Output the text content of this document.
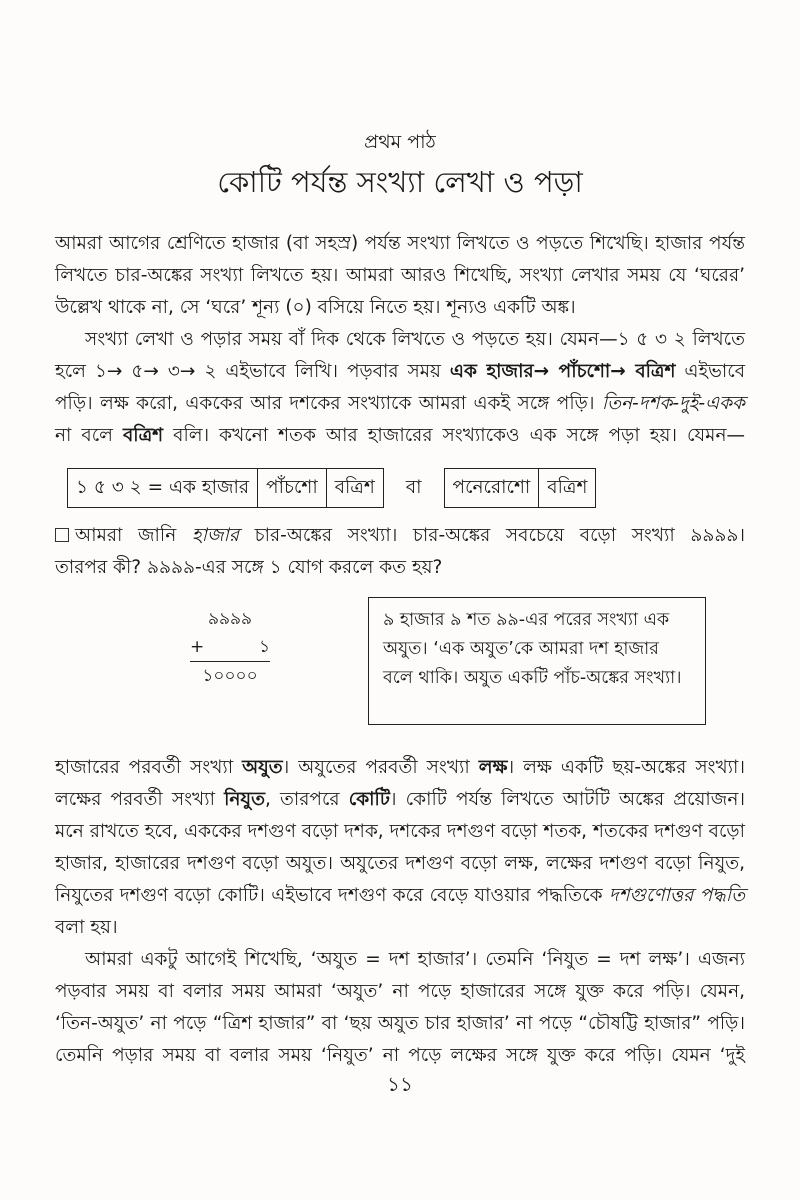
প্রথম পাঠ
কোটি পর্যন্ত সংখ্যা লেখা ও পড়া
আমরা আগের শ্রেণিতে হাজার (বা সহস্র) পর্যন্ত সংখ্যা লিখতে ও পড়তে শিখেছি। হাজার পর্যন্ত
লিখতে চার-অঙ্কের সংখ্যা লিখতে হয়। আমরা আরও শিখেছি, সংখ্যা লেখার সময় যে ‘ঘরের’
উল্লেখ থাকে না, সে ‘ঘরে’ শূন্য (০) বসিয়ে নিতে হয়। শূন্যও একটি অঙ্ক।
সংখ্যা লেখা ও পড়ার সময় বাঁ দিক থেকে লিখতে ও পড়তে হয়। যেমন—১ ৫ ৩ ২ লিখতে
হলে ১→ ৫→ ৩→ ২ এইভাবে লিখি। পড়বার সময় এক হাজার→ পাঁচশো→ বত্রিশ এইভাবে
পড়ি। লক্ষ করো, এককের আর দশকের সংখ্যাকে আমরা একই সঙ্গে পড়ি। তিন-দশক-দুই-একক
না বলে বত্রিশ বলি। কখনো শতক আর হাজারের সংখ্যাকেও এক সঙ্গে পড়া হয়। যেমন—
১ ৫ ৩ ২ = এক হাজার পাঁচশো বত্রিশ	বা	পনেরোশো বত্রিশ
আমরা জানি হাজার চার-অঙ্কের সংখ্যা। চার-অঙ্কের সবচেয়ে বড়ো সংখ্যা ৯৯৯৯।
তারপর কী? ৯৯৯৯-এর সঙ্গে ১ যোগ করলে কত হয়?
৯৯৯৯
+	১
১০০০০
৯ হাজার ৯ শত ৯৯-এর পরের সংখ্যা এক অযুত। ‘এক অযুত’কে আমরা দশ হাজার বলে থাকি। অযুত একটি পাঁচ-অঙ্কের সংখ্যা।
হাজারের পরবর্তী সংখ্যা অযুত। অযুতের পরবর্তী সংখ্যা লক্ষ। লক্ষ একটি ছয়-অঙ্কের সংখ্যা।
লক্ষের পরবর্তী সংখ্যা নিযুত, তারপরে কোটি। কোটি পর্যন্ত লিখতে আটটি অঙ্কের প্রয়োজন।
মনে রাখতে হবে, এককের দশগুণ বড়ো দশক, দশকের দশগুণ বড়ো শতক, শতকের দশগুণ বড়ো
হাজার, হাজারের দশগুণ বড়ো অযুত। অযুতের দশগুণ বড়ো লক্ষ, লক্ষের দশগুণ বড়ো নিযুত,
নিযুতের দশগুণ বড়ো কোটি। এইভাবে দশগুণ করে বেড়ে যাওয়ার পদ্ধতিকে দশগুণোত্তর পদ্ধতি
বলা হয়।
আমরা একটু আগেই শিখেছি, ‘অযুত = দশ হাজার’। তেমনি ‘নিযুত = দশ লক্ষ’। এজন্য
পড়বার সময় বা বলার সময় আমরা ‘অযুত’ না পড়ে হাজারের সঙ্গে যুক্ত করে পড়ি। যেমন,
‘তিন-অযুত’ না পড়ে “ত্রিশ হাজার” বা ‘ছয় অযুত চার হাজার’ না পড়ে “চৌষট্টি হাজার” পড়ি।
তেমনি পড়ার সময় বা বলার সময় ‘নিযুত’ না পড়ে লক্ষের সঙ্গে যুক্ত করে পড়ি। যেমন ‘দুই
১১
